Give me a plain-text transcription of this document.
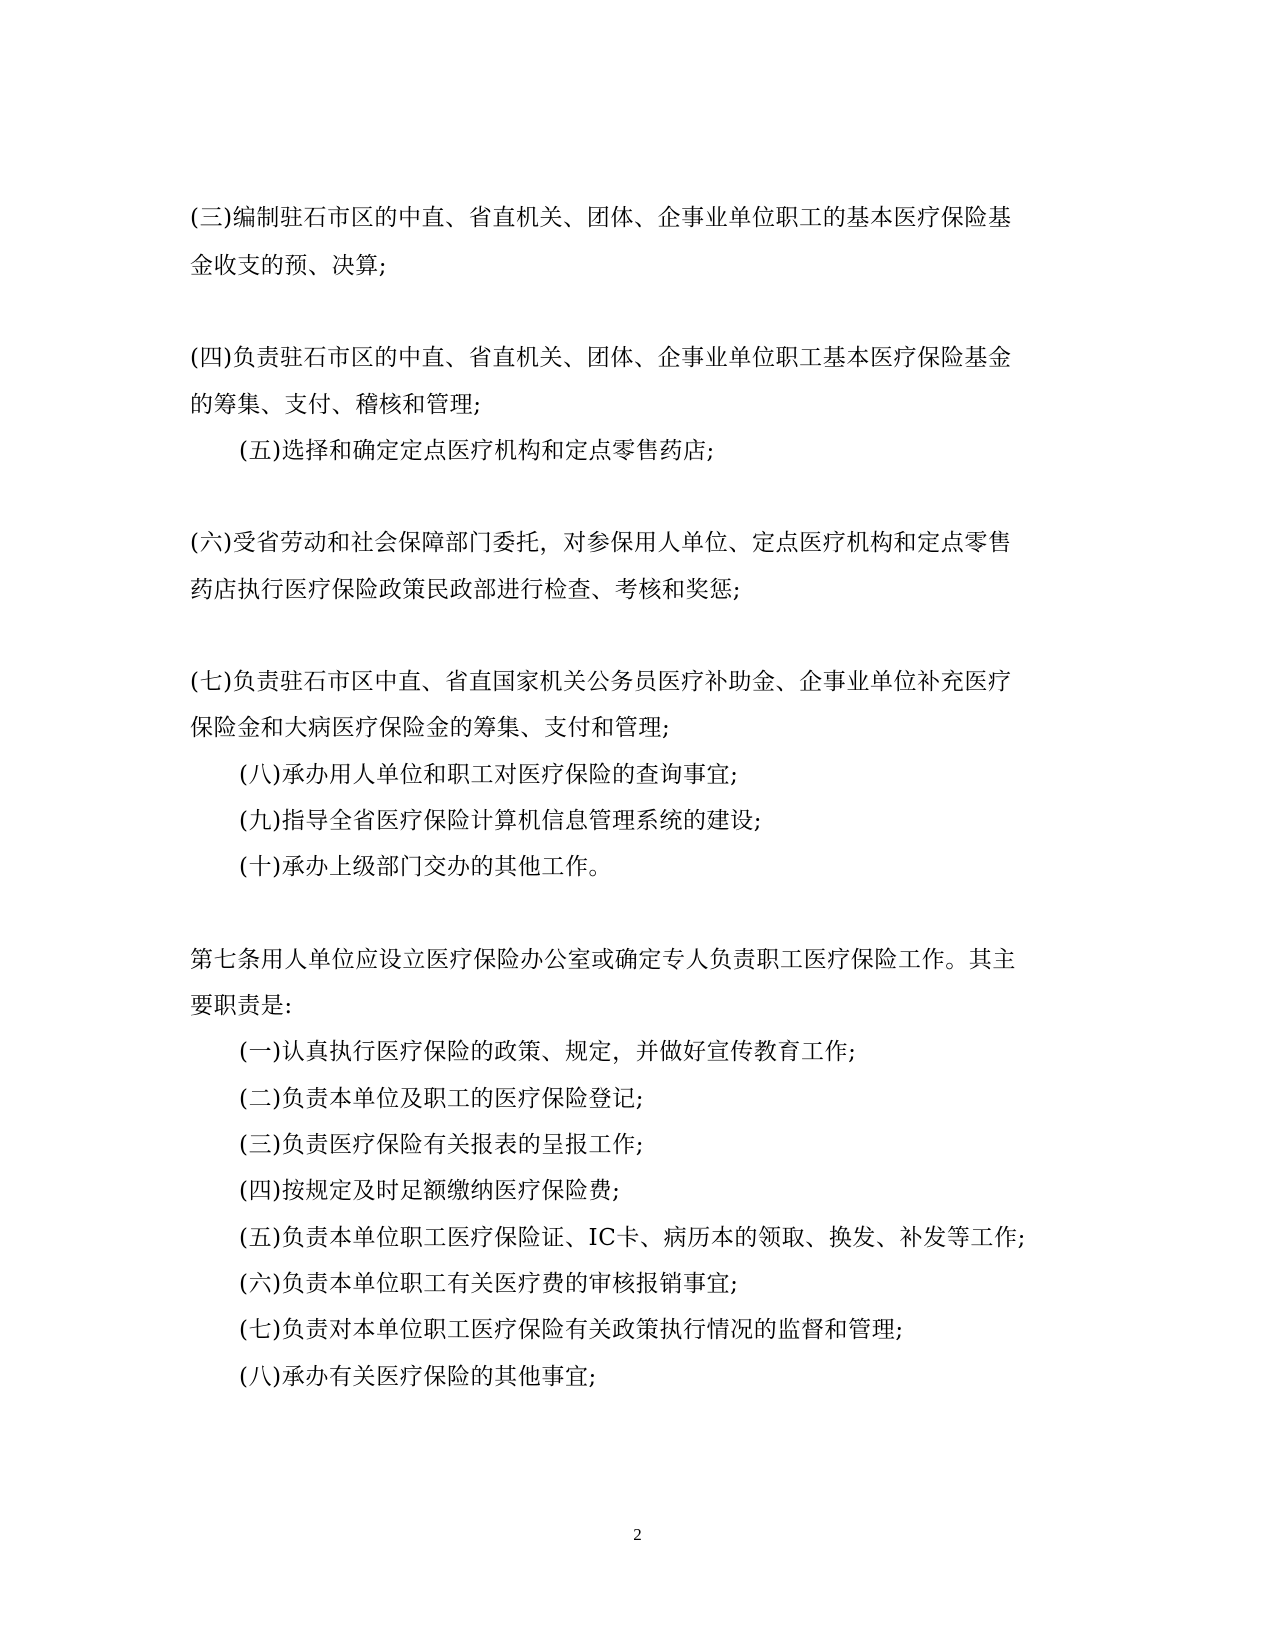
(三)编制驻石市区的中直、省直机关、团体、企事业单位职工的基本医疗保险基
金收支的预、决算;
(四)负责驻石市区的中直、省直机关、团体、企事业单位职工基本医疗保险基金
的筹集、支付、稽核和管理;
(五)选择和确定定点医疗机构和定点零售药店;
(六)受省劳动和社会保障部门委托，对参保用人单位、定点医疗机构和定点零售
药店执行医疗保险政策民政部进行检查、考核和奖惩;
(七)负责驻石市区中直、省直国家机关公务员医疗补助金、企事业单位补充医疗
保险金和大病医疗保险金的筹集、支付和管理;
(八)承办用人单位和职工对医疗保险的查询事宜;
(九)指导全省医疗保险计算机信息管理系统的建设;
(十)承办上级部门交办的其他工作。
第七条用人单位应设立医疗保险办公室或确定专人负责职工医疗保险工作。其主
要职责是:
(一)认真执行医疗保险的政策、规定，并做好宣传教育工作;
(二)负责本单位及职工的医疗保险登记;
(三)负责医疗保险有关报表的呈报工作;
(四)按规定及时足额缴纳医疗保险费;
(五)负责本单位职工医疗保险证、IC卡、病历本的领取、换发、补发等工作;
(六)负责本单位职工有关医疗费的审核报销事宜;
(七)负责对本单位职工医疗保险有关政策执行情况的监督和管理;
(八)承办有关医疗保险的其他事宜;
2
